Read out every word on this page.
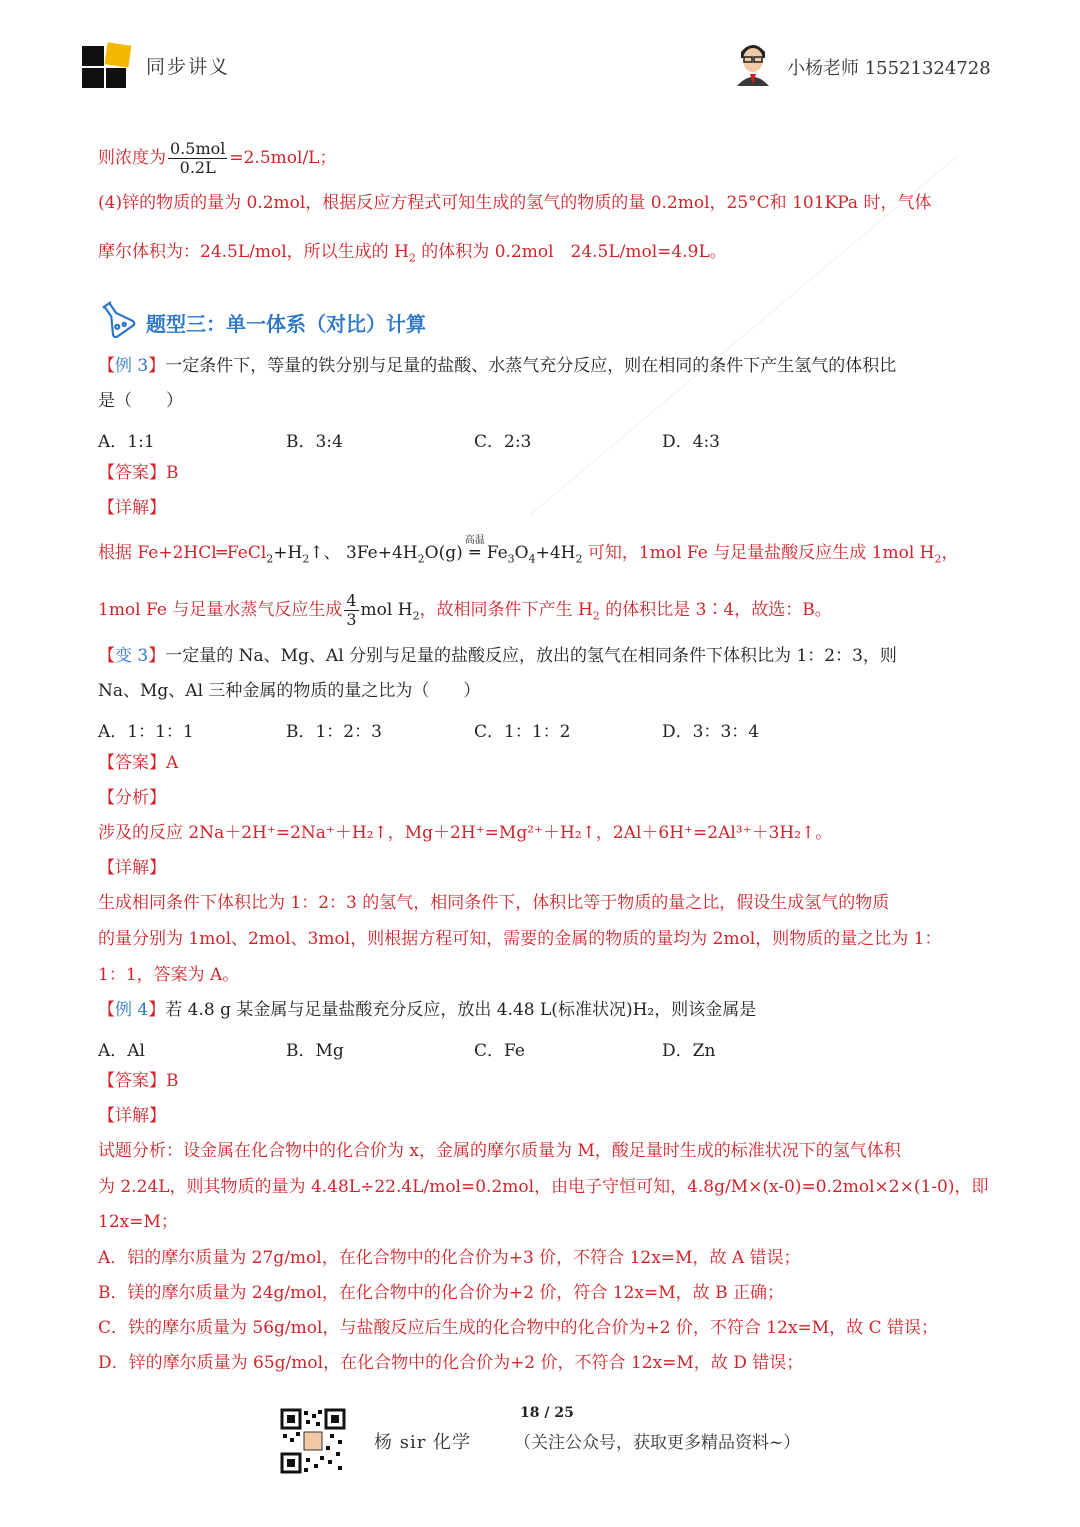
同步讲义	小杨老师 15521324728
则浓度为 $\frac{\text{0.5mol}}{0.2L} =2.5mol/L$；
(4)锌的物质的量为 0.2mol，根据反应方程式可知生成的氢气的物质的量 0.2mol，25°C和 101KPa 时，气体
摩尔体积为：24.5L/mol，所以生成的 $H_2$ 的体积为 0.2mol　24.5L/mol=4.9L。
题型三：单一体系（对比）计算
【例 3】一定条件下，等量的铁分别与足量的盐酸、水蒸气充分反应，则在相同的条件下产生氢气的体积比
是（　　）
A．1:1	B．3:4	C．2:3	D．4:3
【答案】B
【详解】
根据 $Fe+2HCl═FeCl_2+H_2↑$、 $3Fe+4H_2O(g)$
高温
═ $Fe_3O_4+4H_2$ 可知，1mol Fe 与足量盐酸反应生成 1mol $H_2$，
1mol Fe 与足量水蒸气反应生成 $\frac{4}{3}$ mol $H_2$，故相同条件下产生 $H_2$ 的体积比是 3∶4，故选：B。
【变 3】一定量的 Na、Mg、Al 分别与足量的盐酸反应，放出的氢气在相同条件下体积比为 1：2：3，则
Na、Mg、Al 三种金属的物质的量之比为（　　）
A．1：1：1	B．1：2：3	C．1：1：2	D．3：3：4
【答案】A
【分析】
涉及的反应 2Na＋2H⁺=2Na⁺＋H₂↑，Mg＋2H⁺=Mg²⁺＋H₂↑，2Al＋6H⁺=2Al³⁺＋3H₂↑。
【详解】
生成相同条件下体积比为 1：2：3 的氢气，相同条件下，体积比等于物质的量之比，假设生成氢气的物质
的量分别为 1mol、2mol、3mol，则根据方程可知，需要的金属的物质的量均为 2mol，则物质的量之比为 1：
1：1，答案为 A。
【例 4】若 4.8 g 某金属与足量盐酸充分反应，放出 4.48 L(标准状况)H₂，则该金属是
A．Al	B．Mg	C．Fe	D．Zn
【答案】B
【详解】
试题分析：设金属在化合物中的化合价为 x，金属的摩尔质量为 M，酸足量时生成的标准状况下的氢气体积
为 2.24L，则其物质的量为 4.48L÷22.4L/mol=0.2mol，由电子守恒可知，4.8g/M×(x-0)=0.2mol×2×(1-0)，即
12x=M；
A．铝的摩尔质量为 27g/mol，在化合物中的化合价为+3 价，不符合 12x=M，故 A 错误；
B．镁的摩尔质量为 24g/mol，在化合物中的化合价为+2 价，符合 12x=M，故 B 正确；
C．铁的摩尔质量为 56g/mol，与盐酸反应后生成的化合物中的化合价为+2 价，不符合 12x=M，故 C 错误；
D．锌的摩尔质量为 65g/mol，在化合物中的化合价为+2 价，不符合 12x=M，故 D 错误；
18 / 25
杨 sir 化学	（关注公众号，获取更多精品资料~）
